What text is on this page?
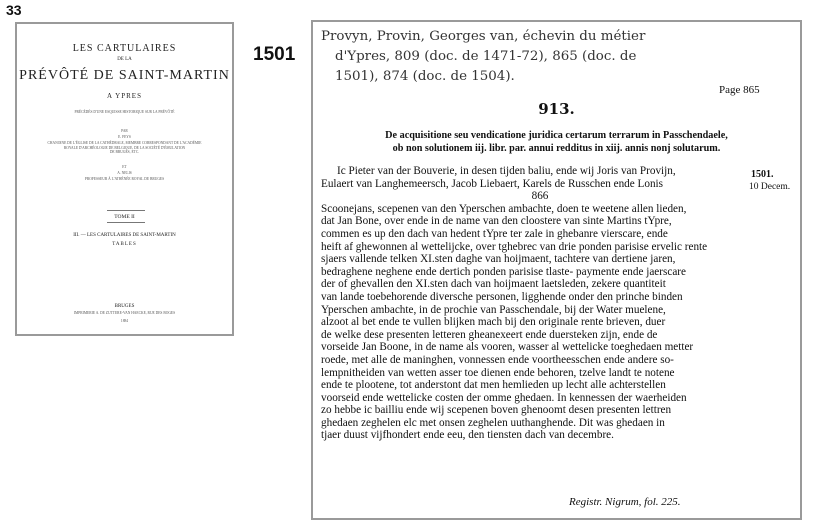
33
LES CARTULAIRES
DE LA
PRÉVÔTÉ DE SAINT-MARTIN
A YPRES
PRÉCÉDÉS D'UNE ESQUISSE HISTORIQUE SUR LA PRÉVÔTÉ
PAR
E. FEYS
CHANOINE DE L'ÉGLISE DE LA CATHÉDRALE, MEMBRE CORRESPONDANT DE L'ACADÉMIE
ROYALE D'ARCHÉOLOGIE DE BELGIQUE, DE LA SOCIÉTÉ D'ÉMULATION
DE BRUGES, ETC.
ET
A. NELIS
PROFESSEUR À L'ATHÉNÉE ROYAL DE BRUGES
TOME II
III. — LES CARTULAIRES DE SAINT-MARTIN
TABLES
BRUGES
IMPRIMERIE A. DE ZUTTERE-VAN HAECKE, RUE DES BOGES
1884
1501
Provyn, Provin, Georges van, échevin du métier
d'Ypres, 809 (doc. de 1471-72), 865 (doc. de
1501), 874 (doc. de 1504).
Page 865
913.
De acquisitione seu vendicatione juridica certarum terrarum in Passchendaele,
ob non solutionem iij. libr. par. annui redditus in xiij. annis nonj solutarum.
Ic Pieter van der Bouverie, in desen tijden baliu, ende wij Joris van Provijn,
Eulaert van Langhemeersch, Jacob Liebaert, Karels de Russchen ende Lonis
866
Scoonejans, scepenen van den Yperschen ambachte, doen te weetene allen lieden,
dat Jan Bone, over ende in de name van den cloostere van sinte Martins tYpre,
commen es up den dach van hedent tYpre ter zale in ghebanre vierscare, ende
heift af ghewonnen al wettelijcke, over tghebrec van drie ponden parisise ervelic rente
sjaers vallende telken XI.sten daghe van hoijmaent, tachtere van dertiene jaren,
bedraghene neghene ende dertich ponden parisise tlaste- paymente ende jaerscare
der of ghevallen den XI.sten dach van hoijmaent laetsleden, zekere quantiteit
van lande toebehorende diversche personen, ligghende onder den prinche binden
Yperschen ambachte, in de prochie van Passchendale, bij der Water muelene,
alzoot al bet ende te vullen blijken mach bij den originale rente brieven, duer
de welke dese presenten letteren gheanexeert ende duersteken zijn, ende de
vorseide Jan Boone, in de name als vooren, wasser al wettelicke toeghedaen metter
roede, met alle de maninghen, vonnessen ende voortheesschen ende andere so-
lempnitheiden van wetten asser toe dienen ende behoren, tzelve landt te notene
ende te plootene, tot anderstont dat men hemlieden up lecht alle achterstellen
voorseid ende wettelicke costen der omme ghedaen. In kennessen der waerheiden
zo hebbe ic bailliu ende wij scepenen boven ghenoomt desen presenten lettren
ghedaen zeghelen elc met onsen zeghelen uuthanghende. Dit was ghedaen in
tjaer duust vijfhondert ende eeu, den tiensten dach van decembre.
1501.
10 Decem.
Registr. Nigrum, fol. 225.
